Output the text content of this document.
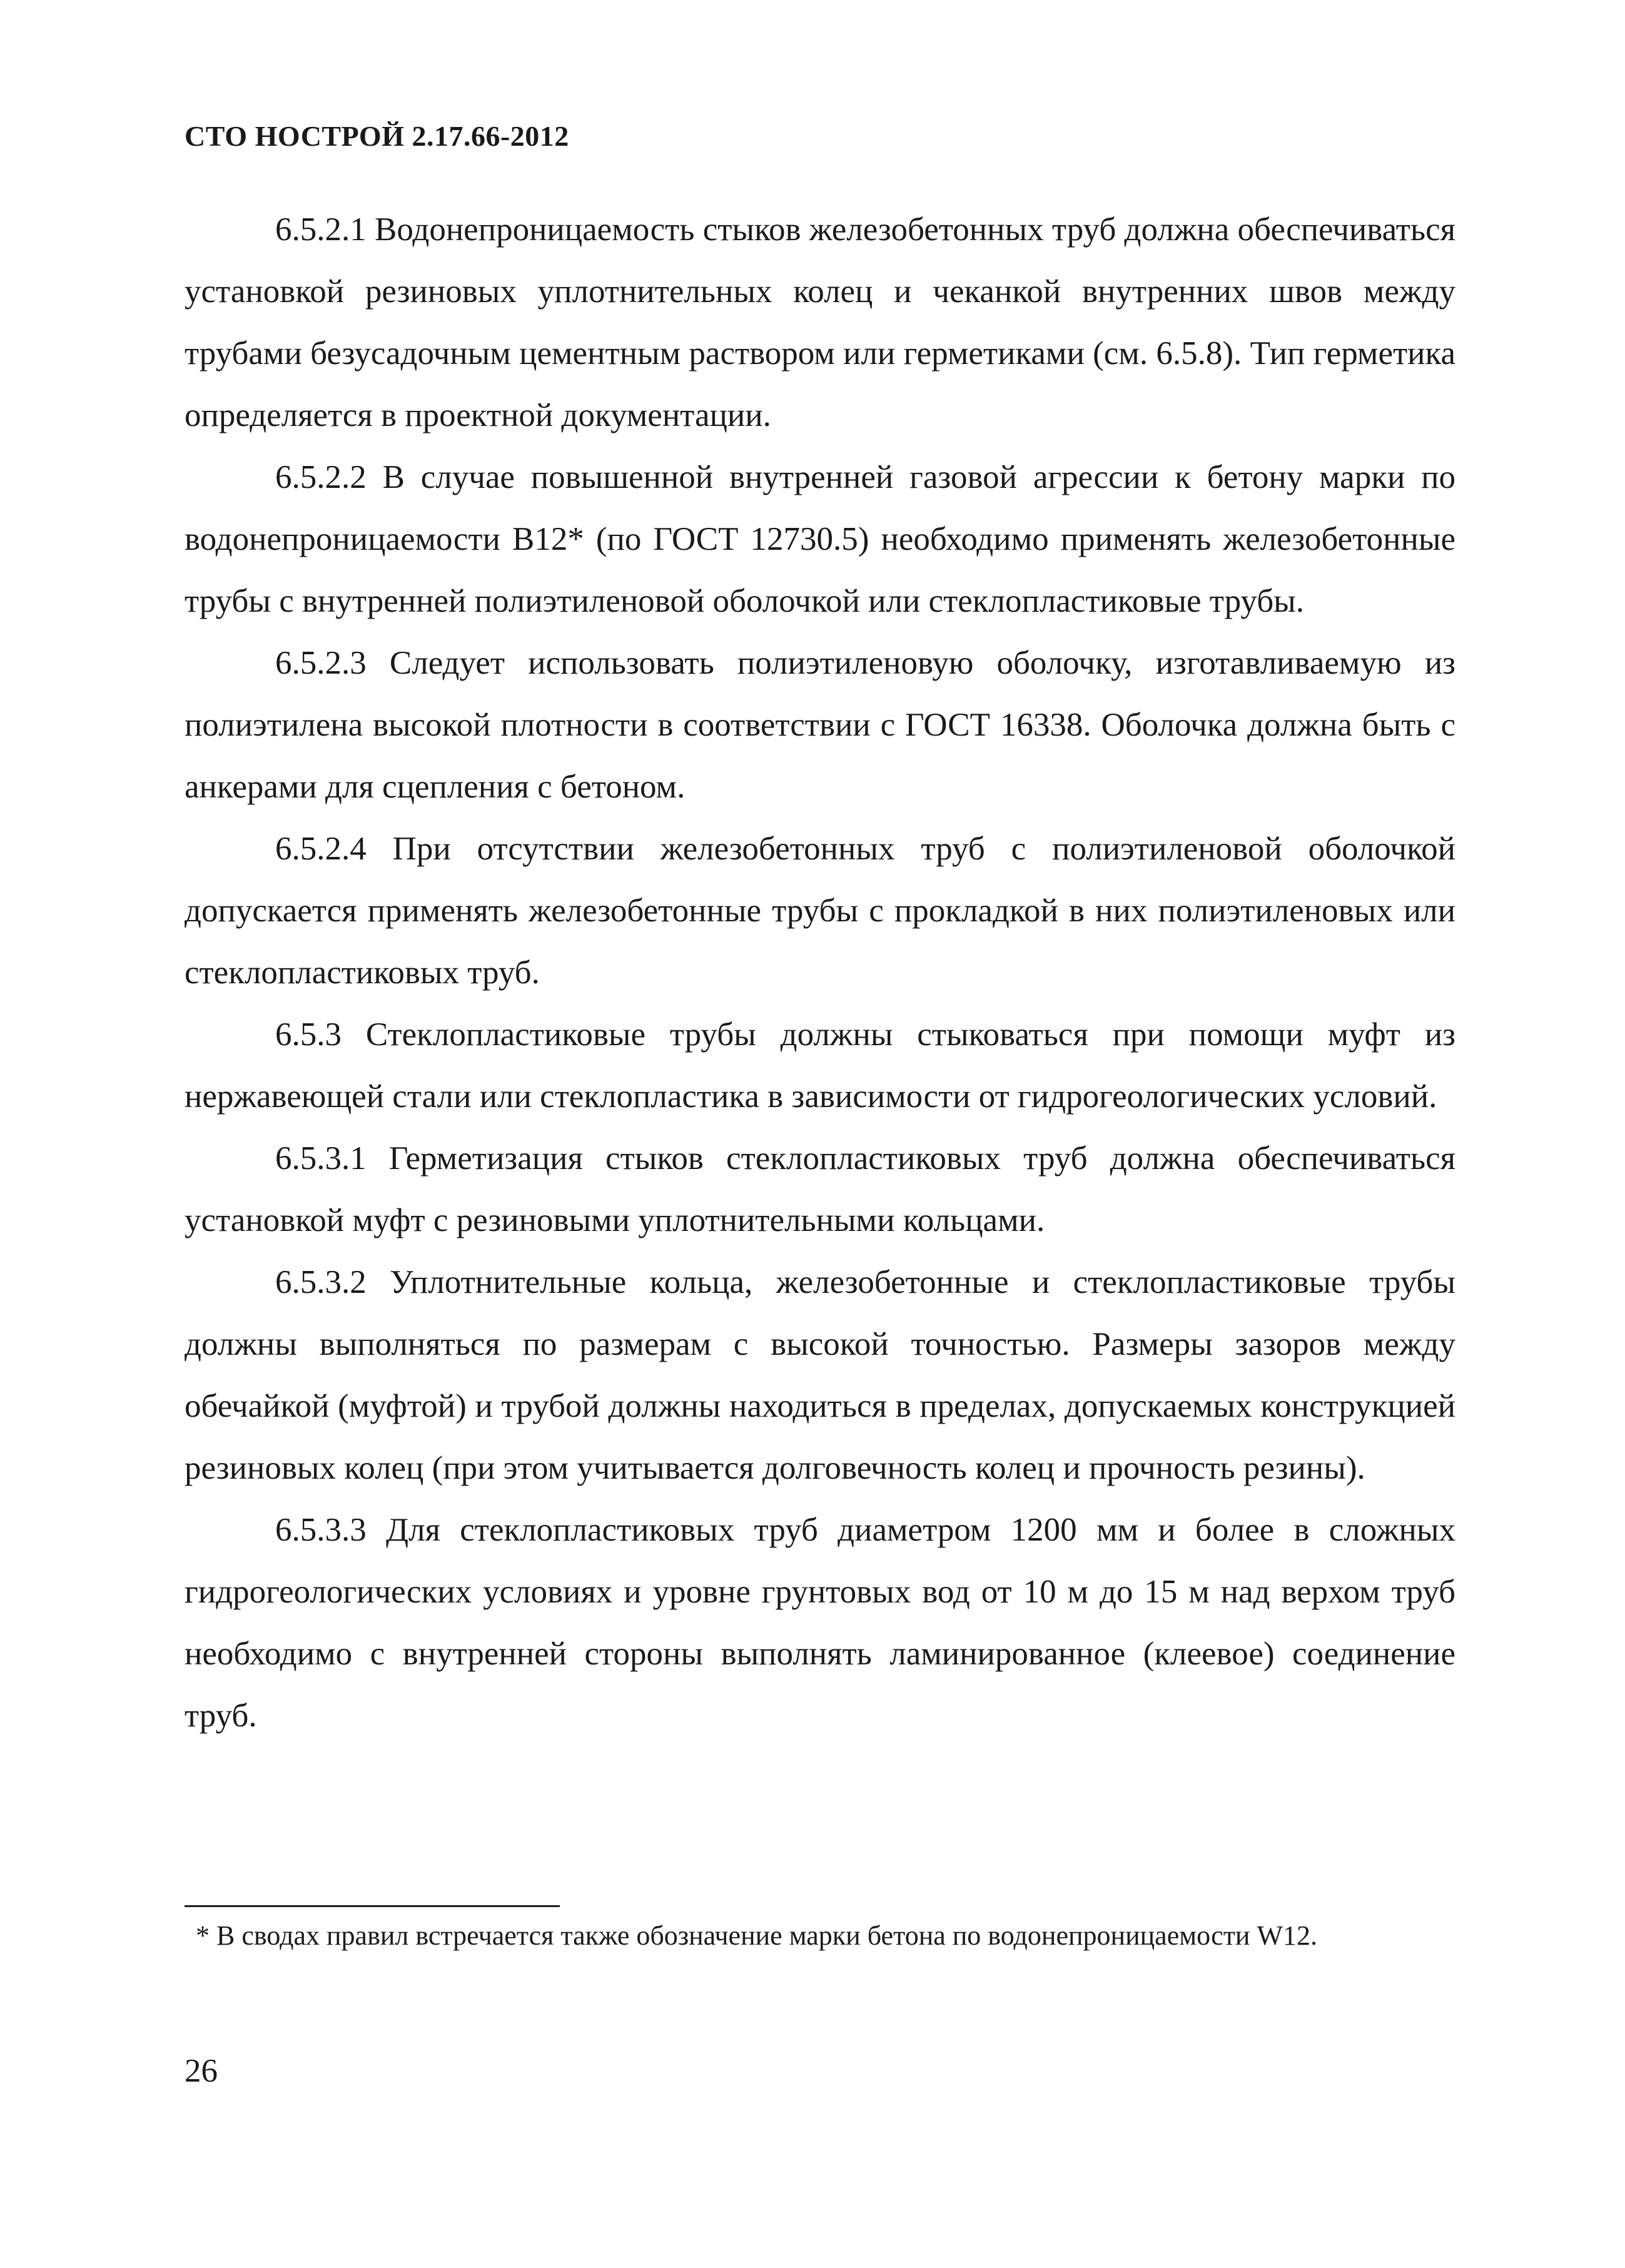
СТО НОСТРОЙ 2.17.66-2012

6.5.2.1 Водонепроницаемость стыков железобетонных труб должна обеспечиваться установкой резиновых уплотнительных колец и чеканкой внутренних швов между трубами безусадочным цементным раствором или герметиками (см. 6.5.8). Тип герметика определяется в проектной документации.

6.5.2.2 В случае повышенной внутренней газовой агрессии к бетону марки по водонепроницаемости В12* (по ГОСТ 12730.5) необходимо применять железобетонные трубы с внутренней полиэтиленовой оболочкой или стеклопластиковые трубы.

6.5.2.3 Следует использовать полиэтиленовую оболочку, изготавливаемую из полиэтилена высокой плотности в соответствии с ГОСТ 16338. Оболочка должна быть с анкерами для сцепления с бетоном.

6.5.2.4 При отсутствии железобетонных труб с полиэтиленовой оболочкой допускается применять железобетонные трубы с прокладкой в них полиэтиленовых или стеклопластиковых труб.

6.5.3 Стеклопластиковые трубы должны стыковаться при помощи муфт из нержавеющей стали или стеклопластика в зависимости от гидрогеологических условий.

6.5.3.1 Герметизация стыков стеклопластиковых труб должна обеспечиваться установкой муфт с резиновыми уплотнительными кольцами.

6.5.3.2 Уплотнительные кольца, железобетонные и стеклопластиковые трубы должны выполняться по размерам с высокой точностью. Размеры зазоров между обечайкой (муфтой) и трубой должны находиться в пределах, допускаемых конструкцией резиновых колец (при этом учитывается долговечность колец и прочность резины).

6.5.3.3 Для стеклопластиковых труб диаметром 1200 мм и более в сложных гидрогеологических условиях и уровне грунтовых вод от 10 м до 15 м над верхом труб необходимо с внутренней стороны выполнять ламинированное (клеевое) соединение труб.

* В сводах правил встречается также обозначение марки бетона по водонепроницаемости W12.

26
